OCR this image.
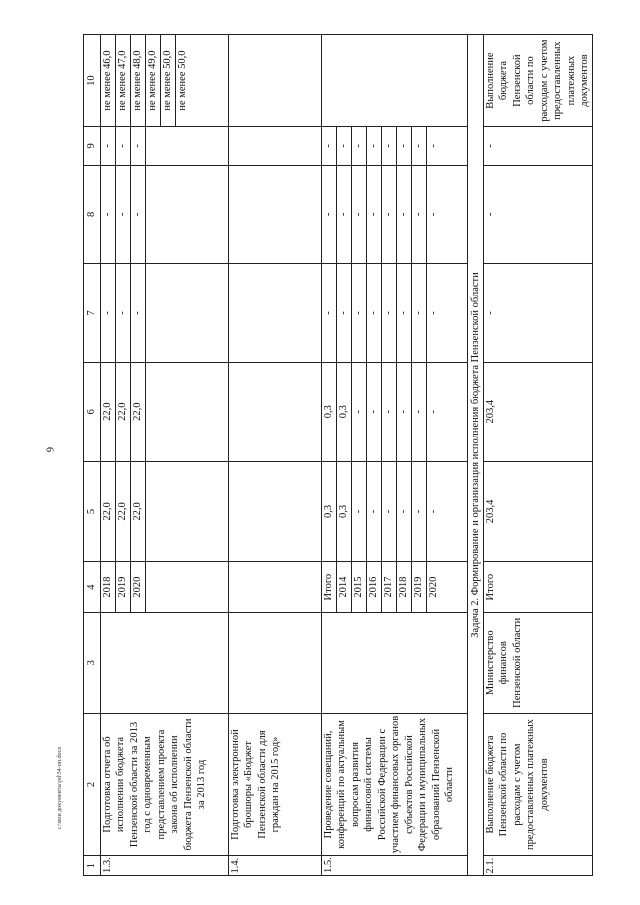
6
c:\мои документы\pd\54-пп.docx
1	2	3	4	5	6	7	8	9	10
1.3.	Подготовка отчета об исполнении бюджета Пензенской области за 2013 год с одновременным представлением проекта закона об исполнении бюджета Пензенской области за 2013 год		2018	22,0	22,0	-	-	-	не менее 46,0
			2019	22,0	22,0	-	-	-	не менее 47,0
			2020	22,0	22,0	-	-	-	не менее 48,0
									не менее 49,0
									не менее 50,0
									не менее 50,0
1.4.	Подготовка электронной брошюры «Бюджет Пензенской области для граждан на 2015 год»								
1.5.	Проведение совещаний, конференций по актуальным вопросам развития финансовой системы Российской Федерации с участием финансовых органов субъектов Российской Федерации и муниципальных образований Пензенской области		Итого	0,3	0,3	-	-	-	
			2014	0,3	0,3	-	-	-	
			2015	-	-	-	-	-	
			2016	-	-	-	-	-	
			2017	-	-	-	-	-	
			2018	-	-	-	-	-	
			2019	-	-	-	-	-	
			2020	-	-	-	-	-	
Задача 2. Формирование и организация исполнения бюджета Пензенской области									
2.1.	Выполнение бюджета Пензенской области по расходам с учетом предоставленных платежных документов	Министерство финансов Пензенской области	Итого	203,4	203,4	-	-	-	Выполнение бюджета Пензенской области по расходам с учетом предоставленных платежных документов
